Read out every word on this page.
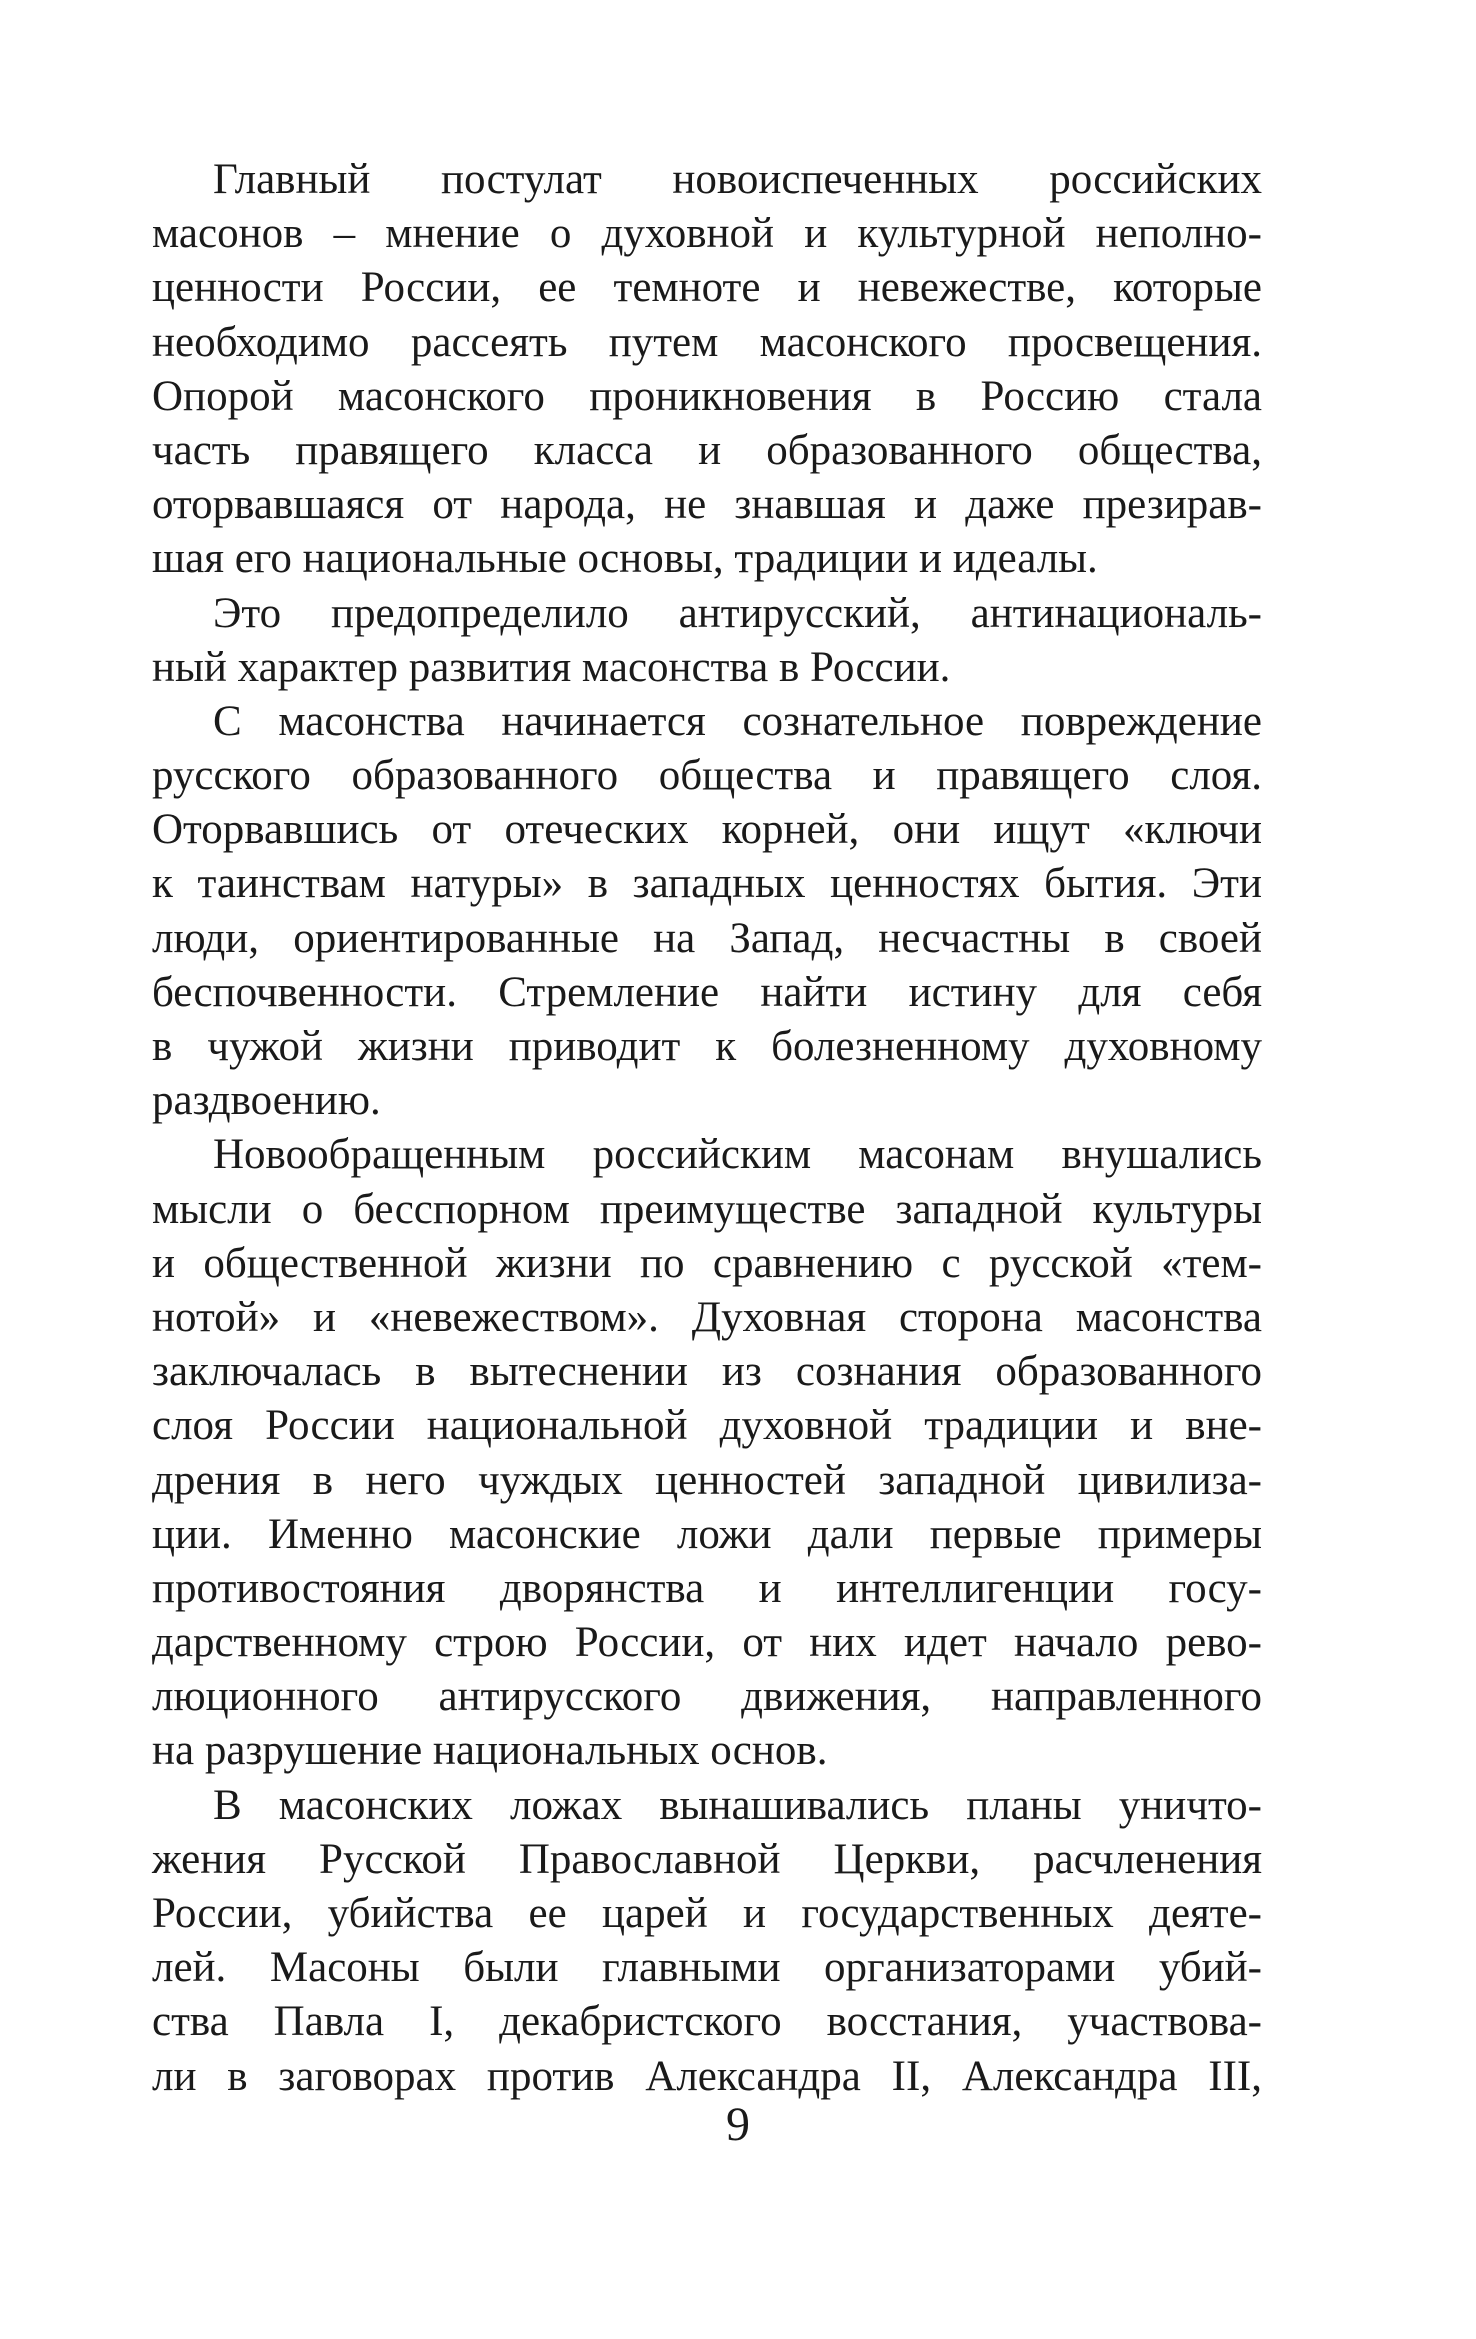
Главный постулат новоиспеченных российских
масонов – мнение о духовной и культурной неполно-
ценности России, ее темноте и невежестве, которые
необходимо рассеять путем масонского просвещения.
Опорой масонского проникновения в Россию стала
часть правящего класса и образованного общества,
оторвавшаяся от народа, не знавшая и даже презирав-
шая его национальные основы, традиции и идеалы.
Это предопределило антирусский, антинациональ-
ный характер развития масонства в России.
С масонства начинается сознательное повреждение
русского образованного общества и правящего слоя.
Оторвавшись от отеческих корней, они ищут «ключи
к таинствам натуры» в западных ценностях бытия. Эти
люди, ориентированные на Запад, несчастны в своей
беспочвенности. Стремление найти истину для себя
в чужой жизни приводит к болезненному духовному
раздвоению.
Новообращенным российским масонам внушались
мысли о бесспорном преимуществе западной культуры
и общественной жизни по сравнению с русской «тем-
нотой» и «невежеством». Духовная сторона масонства
заключалась в вытеснении из сознания образованного
слоя России национальной духовной традиции и вне-
дрения в него чуждых ценностей западной цивилиза-
ции. Именно масонские ложи дали первые примеры
противостояния дворянства и интеллигенции госу-
дарственному строю России, от них идет начало рево-
люционного антирусского движения, направленного
на разрушение национальных основ.
В масонских ложах вынашивались планы уничто-
жения Русской Православной Церкви, расчленения
России, убийства ее царей и государственных деяте-
лей. Масоны были главными организаторами убий-
ства Павла I, декабристского восстания, участвова-
ли в заговорах против Александра II, Александра III,
9
